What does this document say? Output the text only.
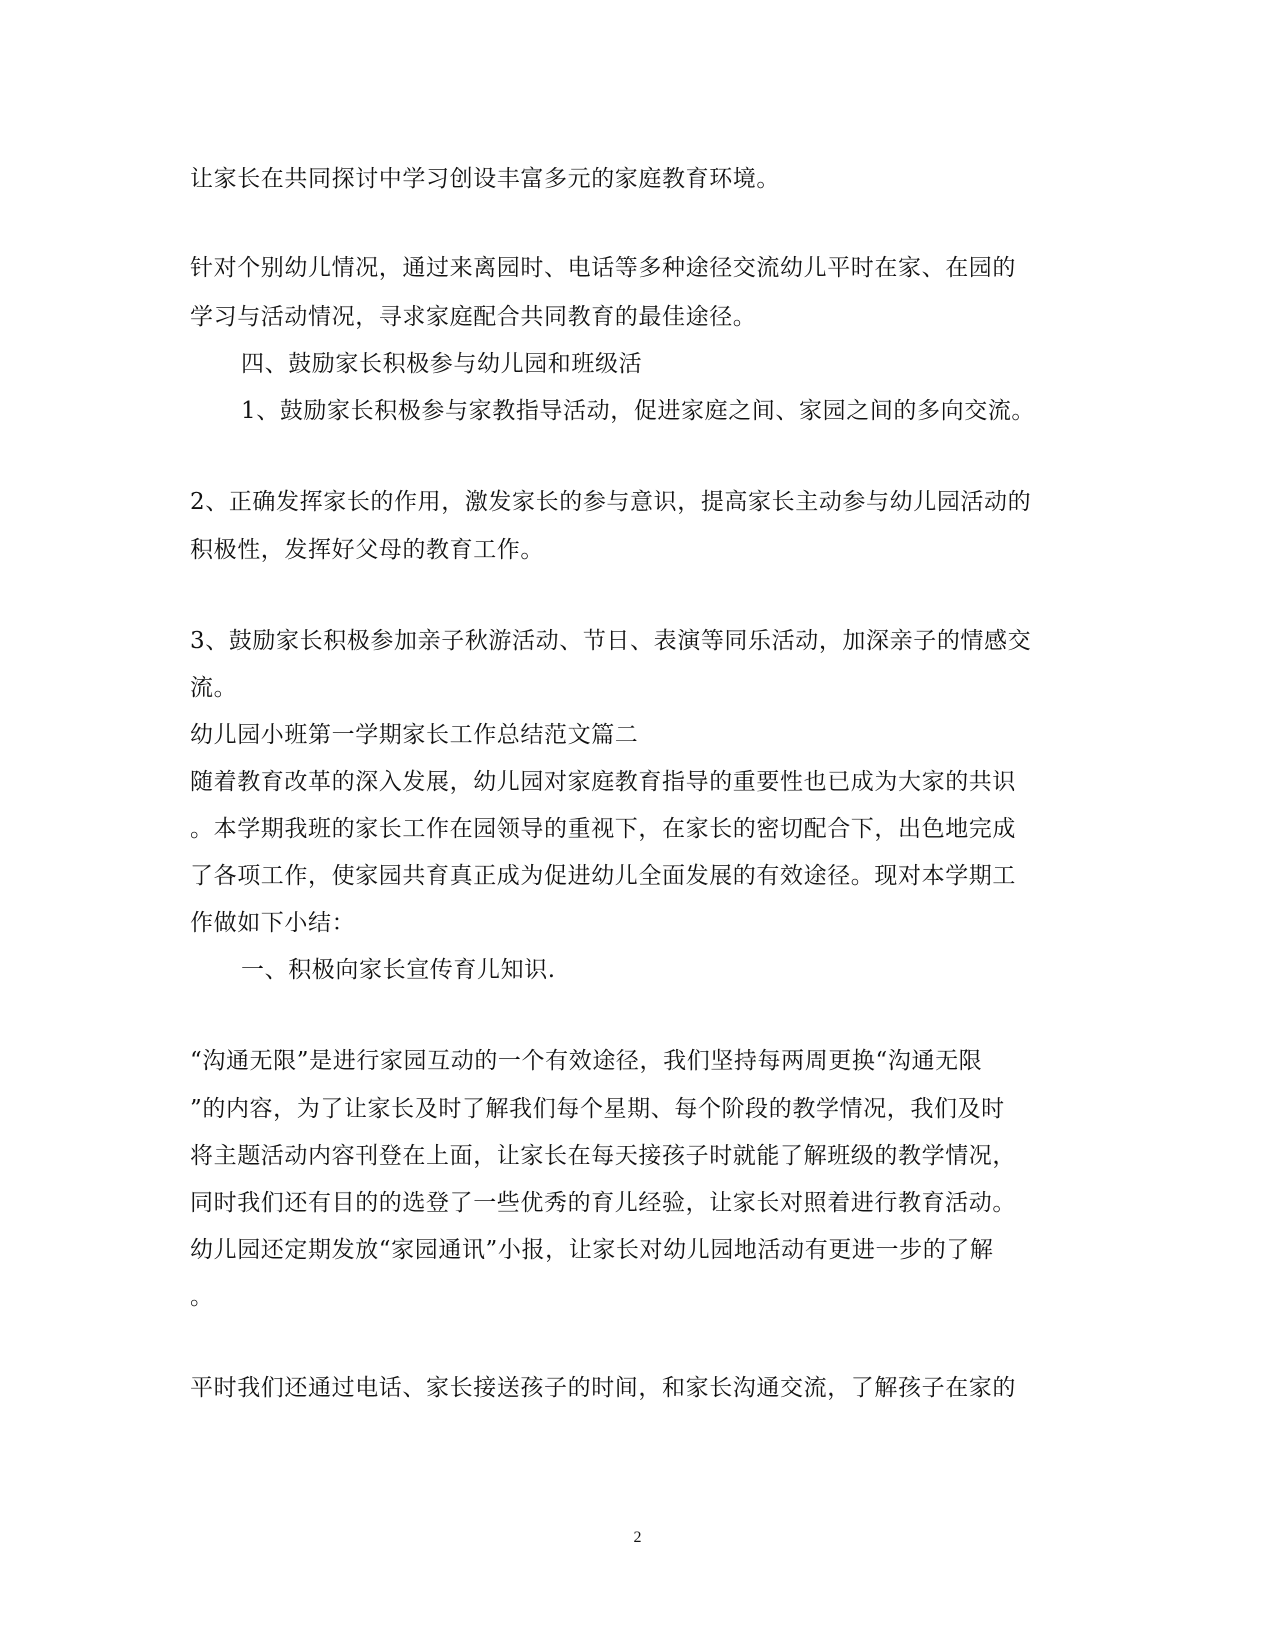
让家长在共同探讨中学习创设丰富多元的家庭教育环境。
针对个别幼儿情况，通过来离园时、电话等多种途径交流幼儿平时在家、在园的
学习与活动情况，寻求家庭配合共同教育的最佳途径。
四、鼓励家长积极参与幼儿园和班级活
1、鼓励家长积极参与家教指导活动，促进家庭之间、家园之间的多向交流。
2、正确发挥家长的作用，激发家长的参与意识，提高家长主动参与幼儿园活动的
积极性，发挥好父母的教育工作。
3、鼓励家长积极参加亲子秋游活动、节日、表演等同乐活动，加深亲子的情感交
流。
幼儿园小班第一学期家长工作总结范文篇二
随着教育改革的深入发展，幼儿园对家庭教育指导的重要性也已成为大家的共识
。本学期我班的家长工作在园领导的重视下，在家长的密切配合下，出色地完成
了各项工作，使家园共育真正成为促进幼儿全面发展的有效途径。现对本学期工
作做如下小结：
一、积极向家长宣传育儿知识.
“沟通无限”是进行家园互动的一个有效途径，我们坚持每两周更换“沟通无限
”的内容，为了让家长及时了解我们每个星期、每个阶段的教学情况，我们及时
将主题活动内容刊登在上面，让家长在每天接孩子时就能了解班级的教学情况，
同时我们还有目的的选登了一些优秀的育儿经验，让家长对照着进行教育活动。
幼儿园还定期发放“家园通讯”小报，让家长对幼儿园地活动有更进一步的了解
。
平时我们还通过电话、家长接送孩子的时间，和家长沟通交流，了解孩子在家的
2
